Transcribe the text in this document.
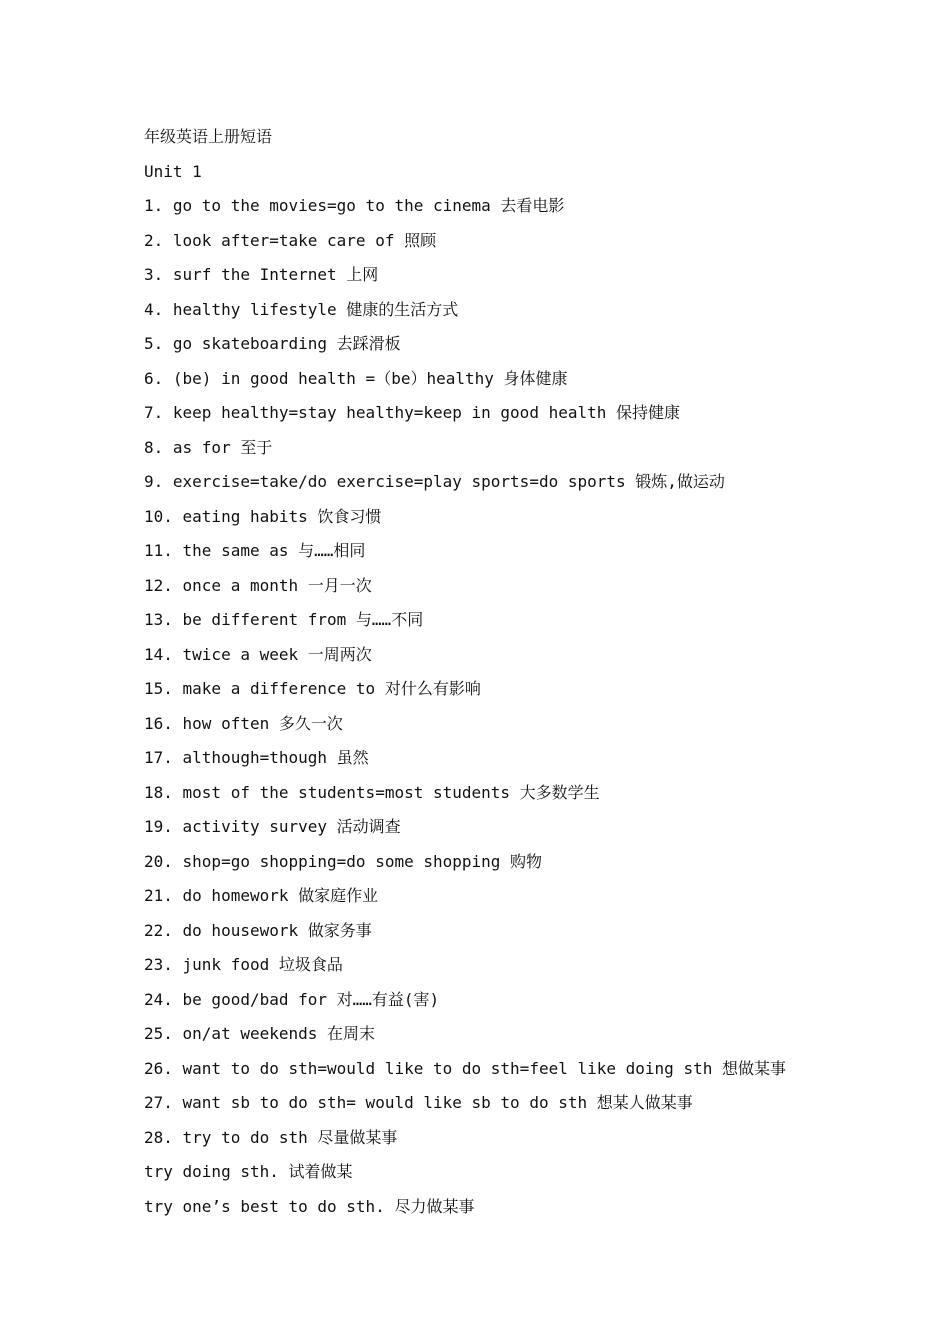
年级英语上册短语
Unit 1
1. go to the movies=go to the cinema 去看电影
2. look after=take care of 照顾
3. surf the Internet 上网
4. healthy lifestyle 健康的生活方式
5. go skateboarding 去踩滑板
6. (be) in good health =（be）healthy 身体健康
7. keep healthy=stay healthy=keep in good health 保持健康
8. as for 至于
9. exercise=take/do exercise=play sports=do sports 锻炼,做运动
10. eating habits 饮食习惯
11. the same as 与……相同
12. once a month 一月一次
13. be different from 与……不同
14. twice a week 一周两次
15. make a difference to 对什么有影响
16. how often 多久一次
17. although=though 虽然
18. most of the students=most students 大多数学生
19. activity survey 活动调查
20. shop=go shopping=do some shopping 购物
21. do homework 做家庭作业
22. do housework 做家务事
23. junk food 垃圾食品
24. be good/bad for 对……有益(害)
25. on/at weekends 在周末
26. want to do sth=would like to do sth=feel like doing sth 想做某事
27. want sb to do sth= would like sb to do sth 想某人做某事
28. try to do sth 尽量做某事
try doing sth. 试着做某
try one’s best to do sth. 尽力做某事
